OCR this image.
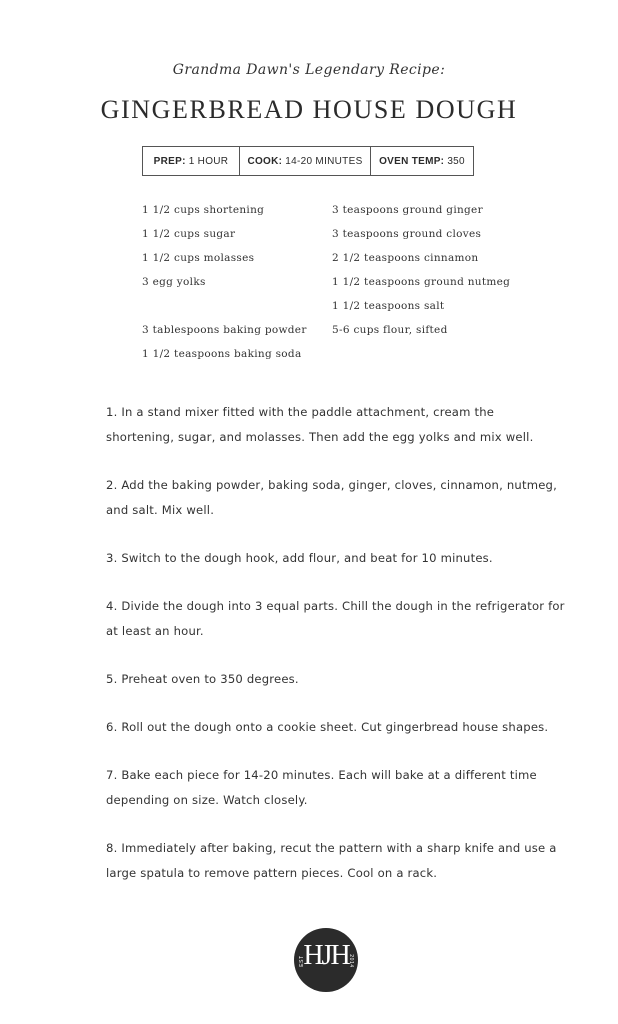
Grandma Dawn's Legendary Recipe:
GINGERBREAD HOUSE DOUGH
PREP: 1 HOUR COOK: 14-20 MINUTES OVEN TEMP: 350
1 1/2 cups shortening
1 1/2 cups sugar
1 1/2 cups molasses
3 egg yolks
3 tablespoons baking powder
1 1/2 teaspoons baking soda
3 teaspoons ground ginger
3 teaspoons ground cloves
2 1/2 teaspoons cinnamon
1 1/2 teaspoons ground nutmeg
1 1/2 teaspoons salt
5-6 cups flour, sifted

1. In a stand mixer fitted with the paddle attachment, cream the shortening, sugar, and molasses. Then add the egg yolks and mix well.

2. Add the baking powder, baking soda, ginger, cloves, cinnamon, nutmeg, and salt. Mix well.

3. Switch to the dough hook, add flour, and beat for 10 minutes.

4. Divide the dough into 3 equal parts. Chill the dough in the refrigerator for at least an hour.

5. Preheat oven to 350 degrees.

6. Roll out the dough onto a cookie sheet. Cut gingerbread house shapes.

7. Bake each piece for 14-20 minutes. Each will bake at a different time depending on size. Watch closely.

8. Immediately after baking, recut the pattern with a sharp knife and use a large spatula to remove pattern pieces. Cool on a rack.

HJH
EST	2014
